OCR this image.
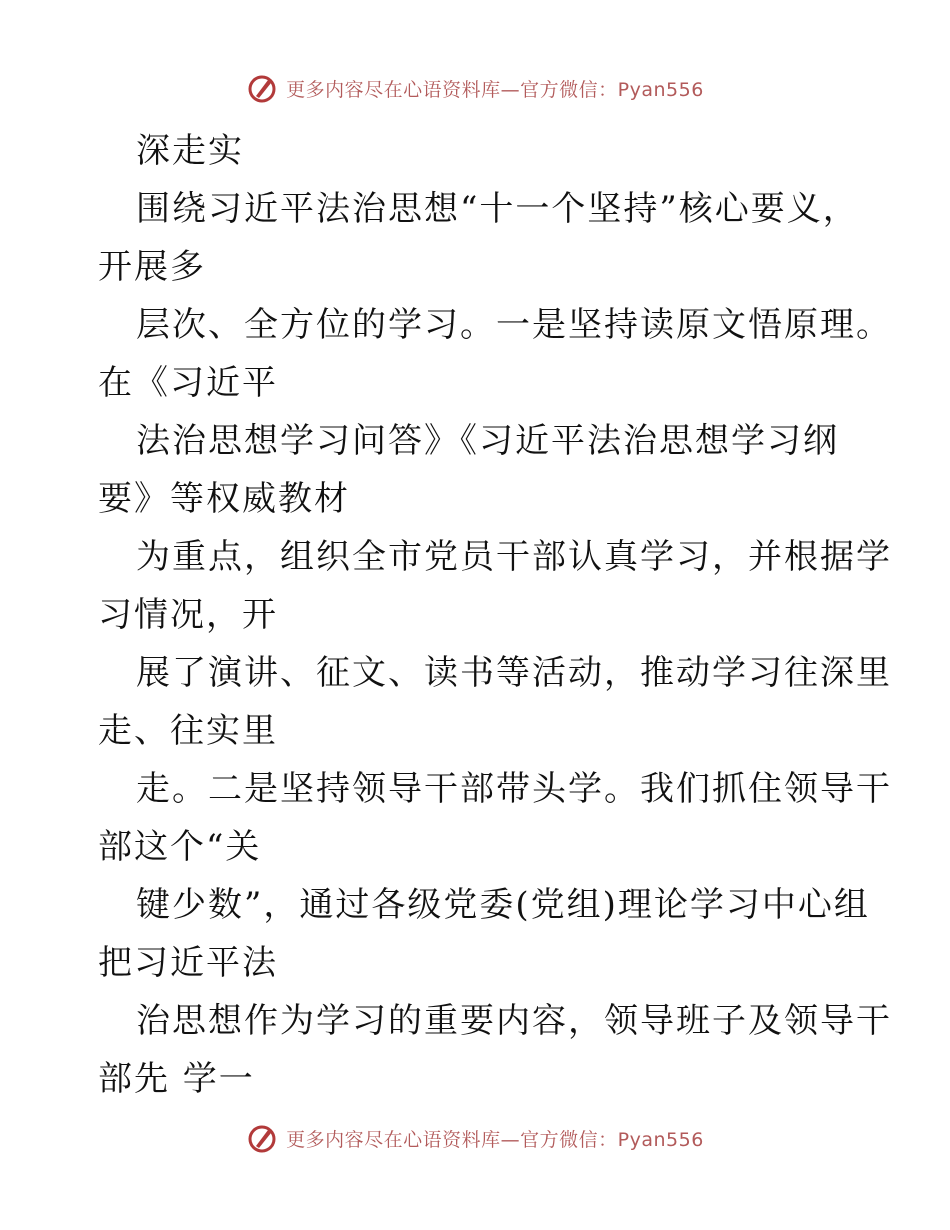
更多内容尽在心语资料库—官方微信：Pyan556
深走实
围绕习近平法治思想“十一个坚持”核心要义，
开展多
层次、全方位的学习。一是坚持读原文悟原理。
在《习近平
法治思想学习问答》《习近平法治思想学习纲
要》等权威教材
为重点，组织全市党员干部认真学习，并根据学
习情况，开
展了演讲、征文、读书等活动，推动学习往深里
走、往实里
走。二是坚持领导干部带头学。我们抓住领导干
部这个“关
键少数”，通过各级党委(党组)理论学习中心组
把习近平法
治思想作为学习的重要内容，领导班子及领导干
部先 学一
更多内容尽在心语资料库—官方微信：Pyan556
